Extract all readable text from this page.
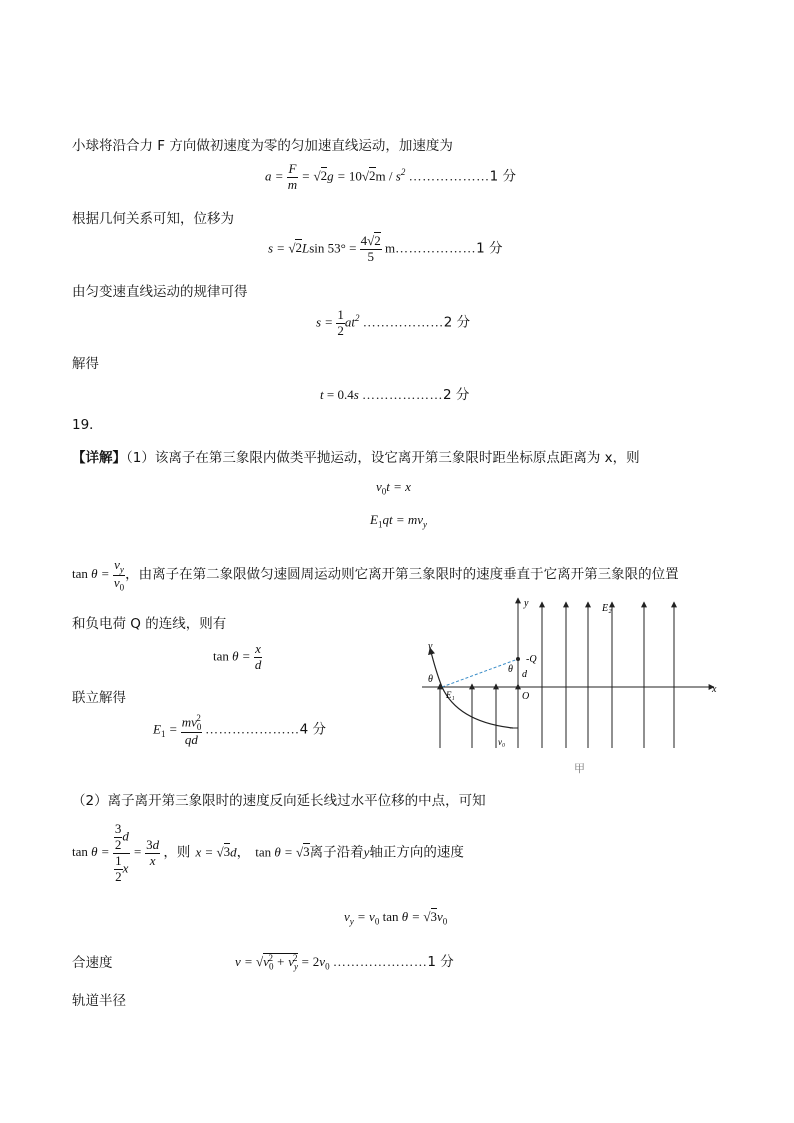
小球将沿合力 F 方向做初速度为零的匀加速直线运动，加速度为
$a = \frac{F}{m} = √2g = 10√2m / s^2$ ………………1 分
根据几何关系可知，位移为
s = √2Lsin $53^\circ = \frac{4√2}{5}$ m………………1 分
由匀变速直线运动的规律可得
$s = \frac{1}{2} at^2$ ………………2 分
解得
t = 0.4s ………………2 分
19．
【详解】（1）该离子在第三象限内做类平抛运动，设它离开第三象限时距坐标原点距离为 x，则
$v_0t = x$
$E_1qt = mv_y$
$\tan \theta = \frac{v_y}{v_0}$ ，由离子在第二象限做匀速圆周运动则它离开第三象限时的速度垂直于它离开第三象限的位置
和负电荷 Q 的连线，则有
$\tan \theta = \frac{x}{d}$
联立解得
$E_1 = \frac{mv_0^2}{qd}$ …………………4 分
y
x
E₂
E₁
v
θ
θ
-Q
d
O
v₀
甲
（2）离子离开第三象限时的速度反向延长线过水平位移的中点，可知
$\tan \theta = \frac{\frac{3}{2} d}{\frac{1}{2} x} = \frac{3d}{x}$ ，则 x = √3d， tan θ = √3离子沿着y轴正方向的速度
$v_y = v_0$ $\tan \theta = √3v_0$
合速度	$v = √v_0^2 + v_y^2 = 2v_0$ …………………1 分
轨道半径
